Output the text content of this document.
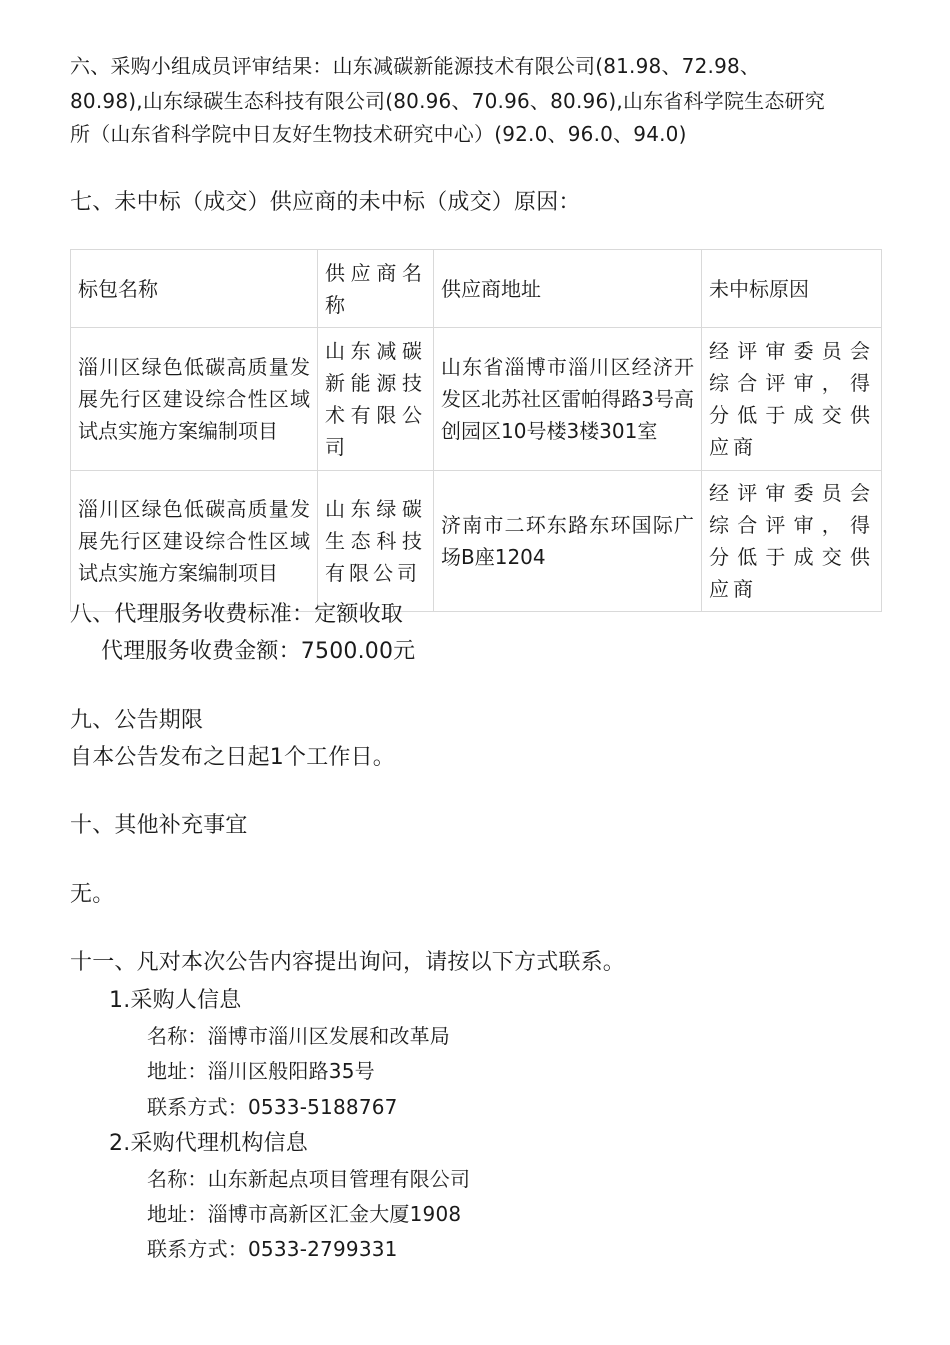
六、采购小组成员评审结果：山东减碳新能源技术有限公司(81.98、72.98、
80.98),山东绿碳生态科技有限公司(80.96、70.96、80.96),山东省科学院生态研究
所（山东省科学院中日友好生物技术研究中心）(92.0、96.0、94.0)
七、未中标（成交）供应商的未中标（成交）原因：
标包名称	供应商名称	供应商地址	未中标原因
淄川区绿色低碳高质量发展先行区建设综合性区域试点实施方案编制项目	山东减碳新能源技术有限公司	山东省淄博市淄川区经济开发区北苏社区雷帕得路3号高创园区10号楼3楼301室	经评审委员会综合评审，得分低于成交供应商
淄川区绿色低碳高质量发展先行区建设综合性区域试点实施方案编制项目	山东绿碳生态科技有限公司	济南市二环东路东环国际广场B座1204	经评审委员会综合评审，得分低于成交供应商
八、代理服务收费标准：定额收取
代理服务收费金额：7500.00元
九、公告期限
自本公告发布之日起1个工作日。
十、其他补充事宜
无。
十一、凡对本次公告内容提出询问，请按以下方式联系。
1.采购人信息
名称：淄博市淄川区发展和改革局
地址：淄川区般阳路35号
联系方式：0533-5188767
2.采购代理机构信息
名称：山东新起点项目管理有限公司
地址：淄博市高新区汇金大厦1908
联系方式：0533-2799331
